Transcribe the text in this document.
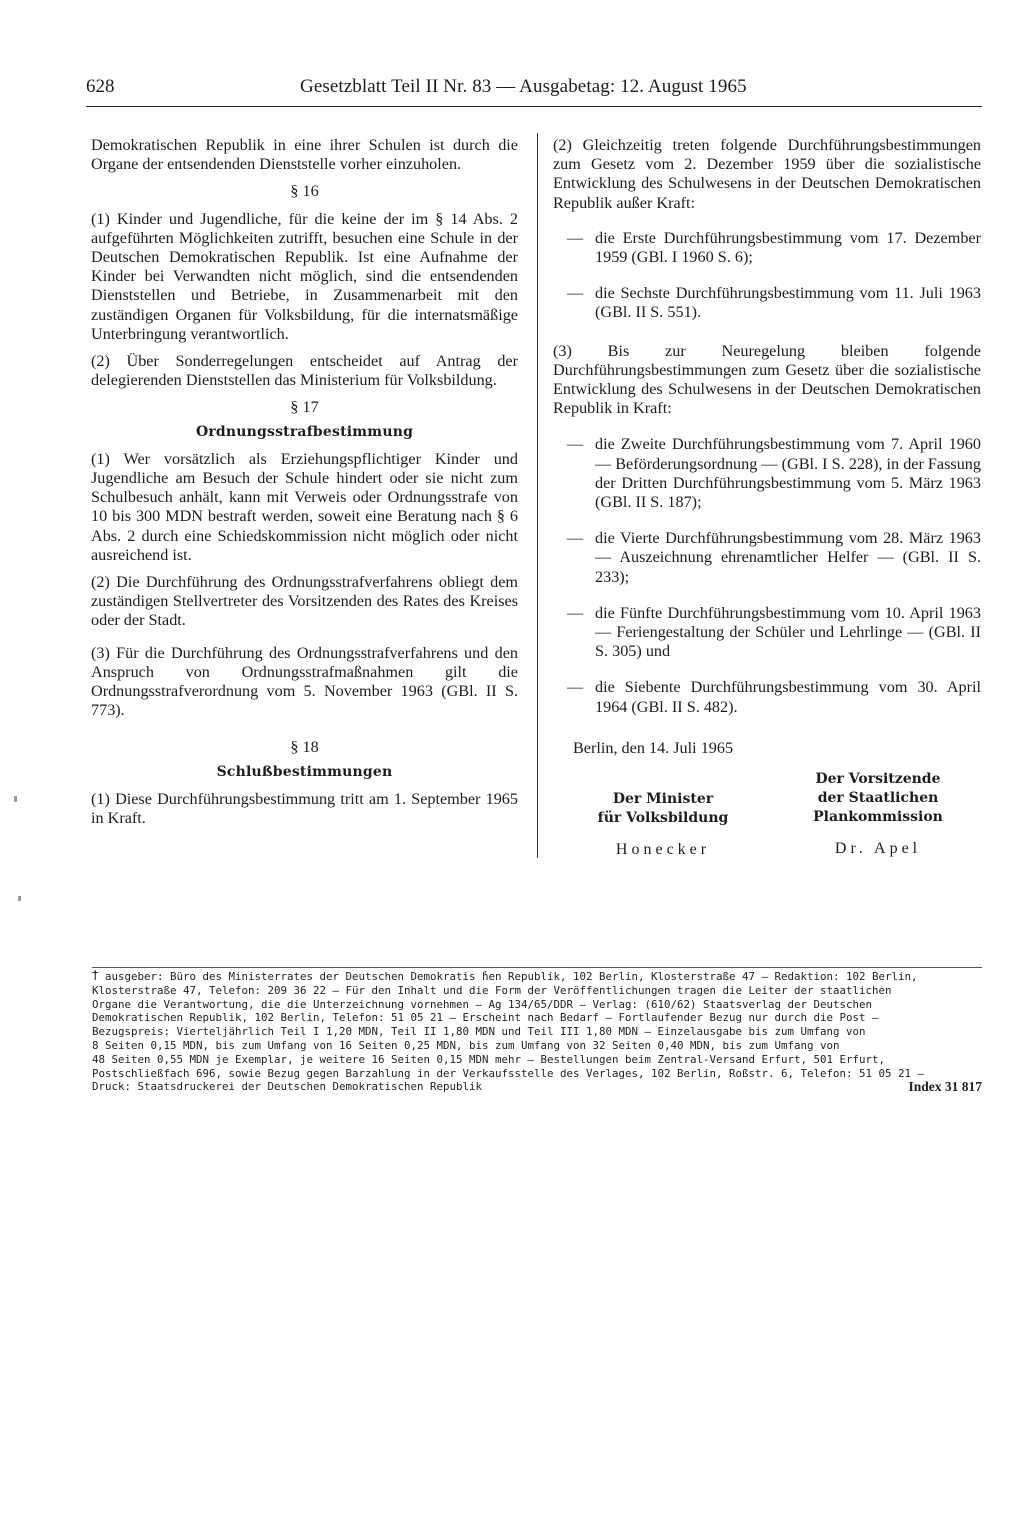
628	Gesetzblatt Teil II Nr. 83 — Ausgabetag: 12. August 1965

Demokratischen Republik in eine ihrer Schulen ist durch die Organe der entsendenden Dienststelle vorher einzuholen.

§ 16

(1) Kinder und Jugendliche, für die keine der im § 14 Abs. 2 aufgeführten Möglichkeiten zutrifft, besuchen eine Schule in der Deutschen Demokratischen Republik. Ist eine Aufnahme der Kinder bei Verwandten nicht möglich, sind die entsendenden Dienststellen und Betriebe, in Zusammenarbeit mit den zuständigen Organen für Volksbildung, für die internatsmäßige Unterbringung verantwortlich.

(2) Über Sonderregelungen entscheidet auf Antrag der delegierenden Dienststellen das Ministerium für Volksbildung.

§ 17
Ordnungsstrafbestimmung

(1) Wer vorsätzlich als Erziehungspflichtiger Kinder und Jugendliche am Besuch der Schule hindert oder sie nicht zum Schulbesuch anhält, kann mit Verweis oder Ordnungsstrafe von 10 bis 300 MDN bestraft werden, soweit eine Beratung nach § 6 Abs. 2 durch eine Schiedskommission nicht möglich oder nicht ausreichend ist.

(2) Die Durchführung des Ordnungsstrafverfahrens obliegt dem zuständigen Stellvertreter des Vorsitzenden des Rates des Kreises oder der Stadt.

(3) Für die Durchführung des Ordnungsstrafverfahrens und den Anspruch von Ordnungsstrafmaßnahmen gilt die Ordnungsstrafverordnung vom 5. November 1963 (GBl. II S. 773).

§ 18
Schlußbestimmungen

(1) Diese Durchführungsbestimmung tritt am 1. September 1965 in Kraft.

(2) Gleichzeitig treten folgende Durchführungsbestimmungen zum Gesetz vom 2. Dezember 1959 über die sozialistische Entwicklung des Schulwesens in der Deutschen Demokratischen Republik außer Kraft:

— die Erste Durchführungsbestimmung vom 17. Dezember 1959 (GBl. I 1960 S. 6);
— die Sechste Durchführungsbestimmung vom 11. Juli 1963 (GBl. II S. 551).

(3) Bis zur Neuregelung bleiben folgende Durchführungsbestimmungen zum Gesetz über die sozialistische Entwicklung des Schulwesens in der Deutschen Demokratischen Republik in Kraft:

— die Zweite Durchführungsbestimmung vom 7. April 1960 — Beförderungsordnung — (GBl. I S. 228), in der Fassung der Dritten Durchführungsbestimmung vom 5. März 1963 (GBl. II S. 187);
— die Vierte Durchführungsbestimmung vom 28. März 1963 — Auszeichnung ehrenamtlicher Helfer — (GBl. II S. 233);
— die Fünfte Durchführungsbestimmung vom 10. April 1963 — Feriengestaltung der Schüler und Lehrlinge — (GBl. II S. 305) und
— die Siebente Durchführungsbestimmung vom 30. April 1964 (GBl. II S. 482).
Berlin, den 14. Juli 1965
Der Minister
für Volksbildung
Honecker
Der Vorsitzende
der Staatlichen
Plankommission
Dr. Apel
̓T̕ ausgeber: Büro des Ministerrates der Deutschen Demokratis ̓hen Republik, 102 Berlin, Klosterstraße 47 — Redaktion: 102 Berlin,
Klosterstraße 47, Telefon: 209 36 22 — Für den Inhalt und die Form der Veröffentlichungen tragen die Leiter der staatlichen
Organe die Verantwortung, die die Unterzeichnung vornehmen — Ag 134/65/DDR — Verlag: (610/62) Staatsverlag der Deutschen
Demokratischen Republik, 102 Berlin, Telefon: 51 05 21 — Erscheint nach Bedarf — Fortlaufender Bezug nur durch die Post —
Bezugspreis: Vierteljährlich Teil I 1,20 MDN, Teil II 1,80 MDN und Teil III 1,80 MDN — Einzelausgabe bis zum Umfang von
8 Seiten 0,15 MDN, bis zum Umfang von 16 Seiten 0,25 MDN, bis zum Umfang von 32 Seiten 0,40 MDN, bis zum Umfang von
48 Seiten 0,55 MDN je Exemplar, je weitere 16 Seiten 0,15 MDN mehr — Bestellungen beim Zentral-Versand Erfurt, 501 Erfurt,
Postschließfach 696, sowie Bezug gegen Barzahlung in der Verkaufsstelle des Verlages, 102 Berlin, Roßstr. 6, Telefon: 51 05 21 —
Druck: Staatsdruckerei der Deutschen Demokratischen Republik	Index 31 817
